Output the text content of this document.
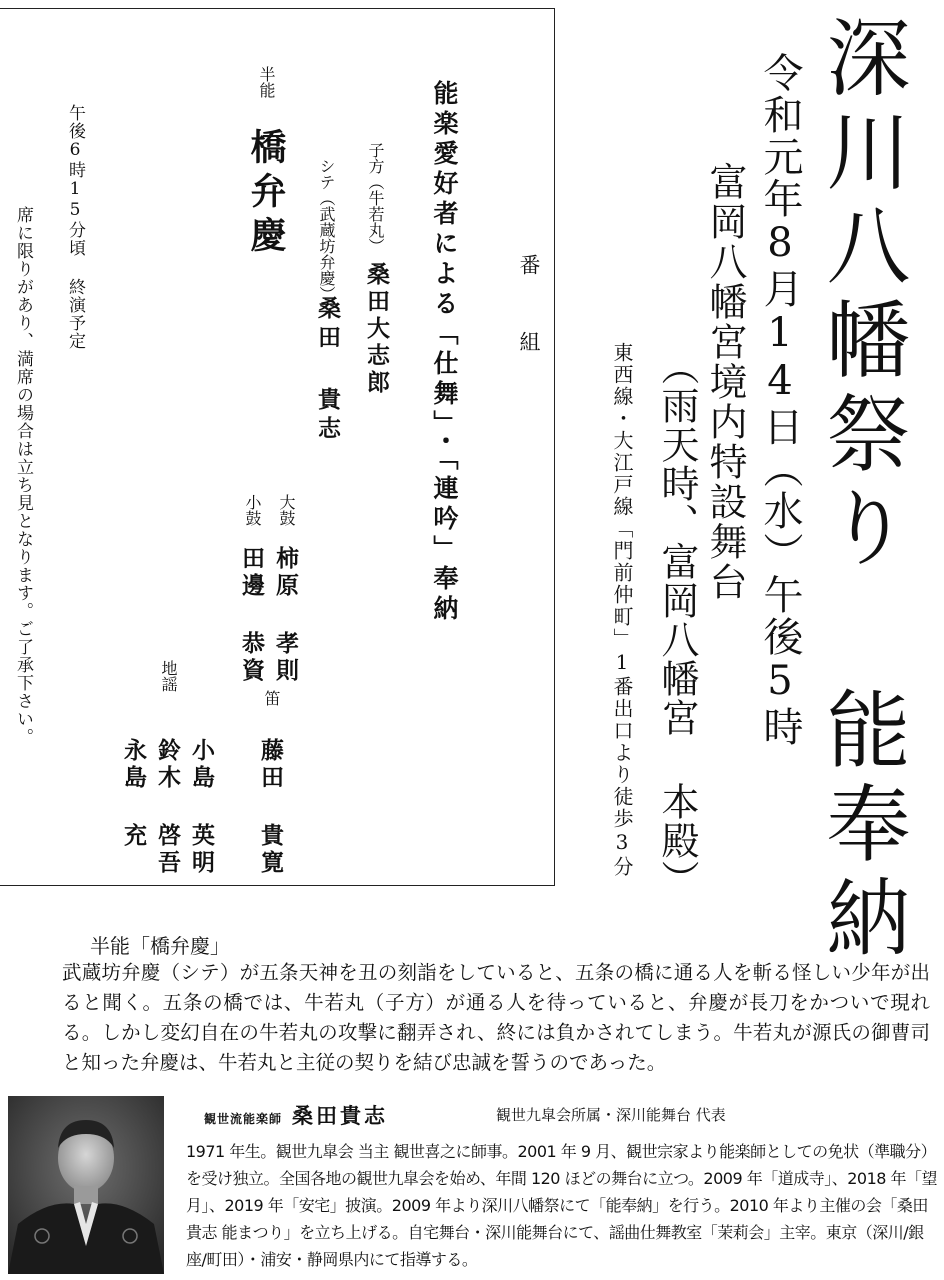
深川八幡祭り 能奉納
令和元年8月14日（水）午後5時
富岡八幡宮境内特設舞台
（雨天時、富岡八幡宮 本殿）
東西線・大江戸線「門前仲町」1番出口より徒歩3分
番 組
能楽愛好者による「仕舞」・「連吟」奉納
子方（牛若丸）
桑田大志郎
シテ（武蔵坊弁慶）
桑田 貴志
半能
橋弁慶
大鼓
柿原 孝則
小鼓
田邊 恭資
笛
藤田 貴寛
地謡
小島 英明
鈴木 啓吾
永島 充
午後6時15分頃 終演予定
席に限りがあり、満席の場合は立ち見となります。ご了承下さい。
半能「橋弁慶」
武蔵坊弁慶（シテ）が五条天神を丑の刻詣をしていると、五条の橋に通る人を斬る怪しい少年が出ると聞く。五条の橋では、牛若丸（子方）が通る人を待っていると、弁慶が長刀をかついで現れる。しかし変幻自在の牛若丸の攻撃に翻弄され、終には負かされてしまう。牛若丸が源氏の御曹司と知った弁慶は、牛若丸と主従の契りを結び忠誠を誓うのであった。
観世流能楽師 桑田貴志	観世九皐会所属・深川能舞台 代表
1971 年生。観世九皐会 当主 観世喜之に師事。2001 年 9 月、観世宗家より能楽師としての免状（準職分）を受け独立。全国各地の観世九皐会を始め、年間 120 ほどの舞台に立つ。2009 年「道成寺」、2018 年「望月」、2019 年「安宅」披演。2009 年より深川八幡祭にて「能奉納」を行う。2010 年より主催の会「桑田貴志 能まつり」を立ち上げる。自宅舞台・深川能舞台にて、謡曲仕舞教室「茉莉会」主宰。東京（深川/銀座/町田）・浦安・静岡県内にて指導する。
